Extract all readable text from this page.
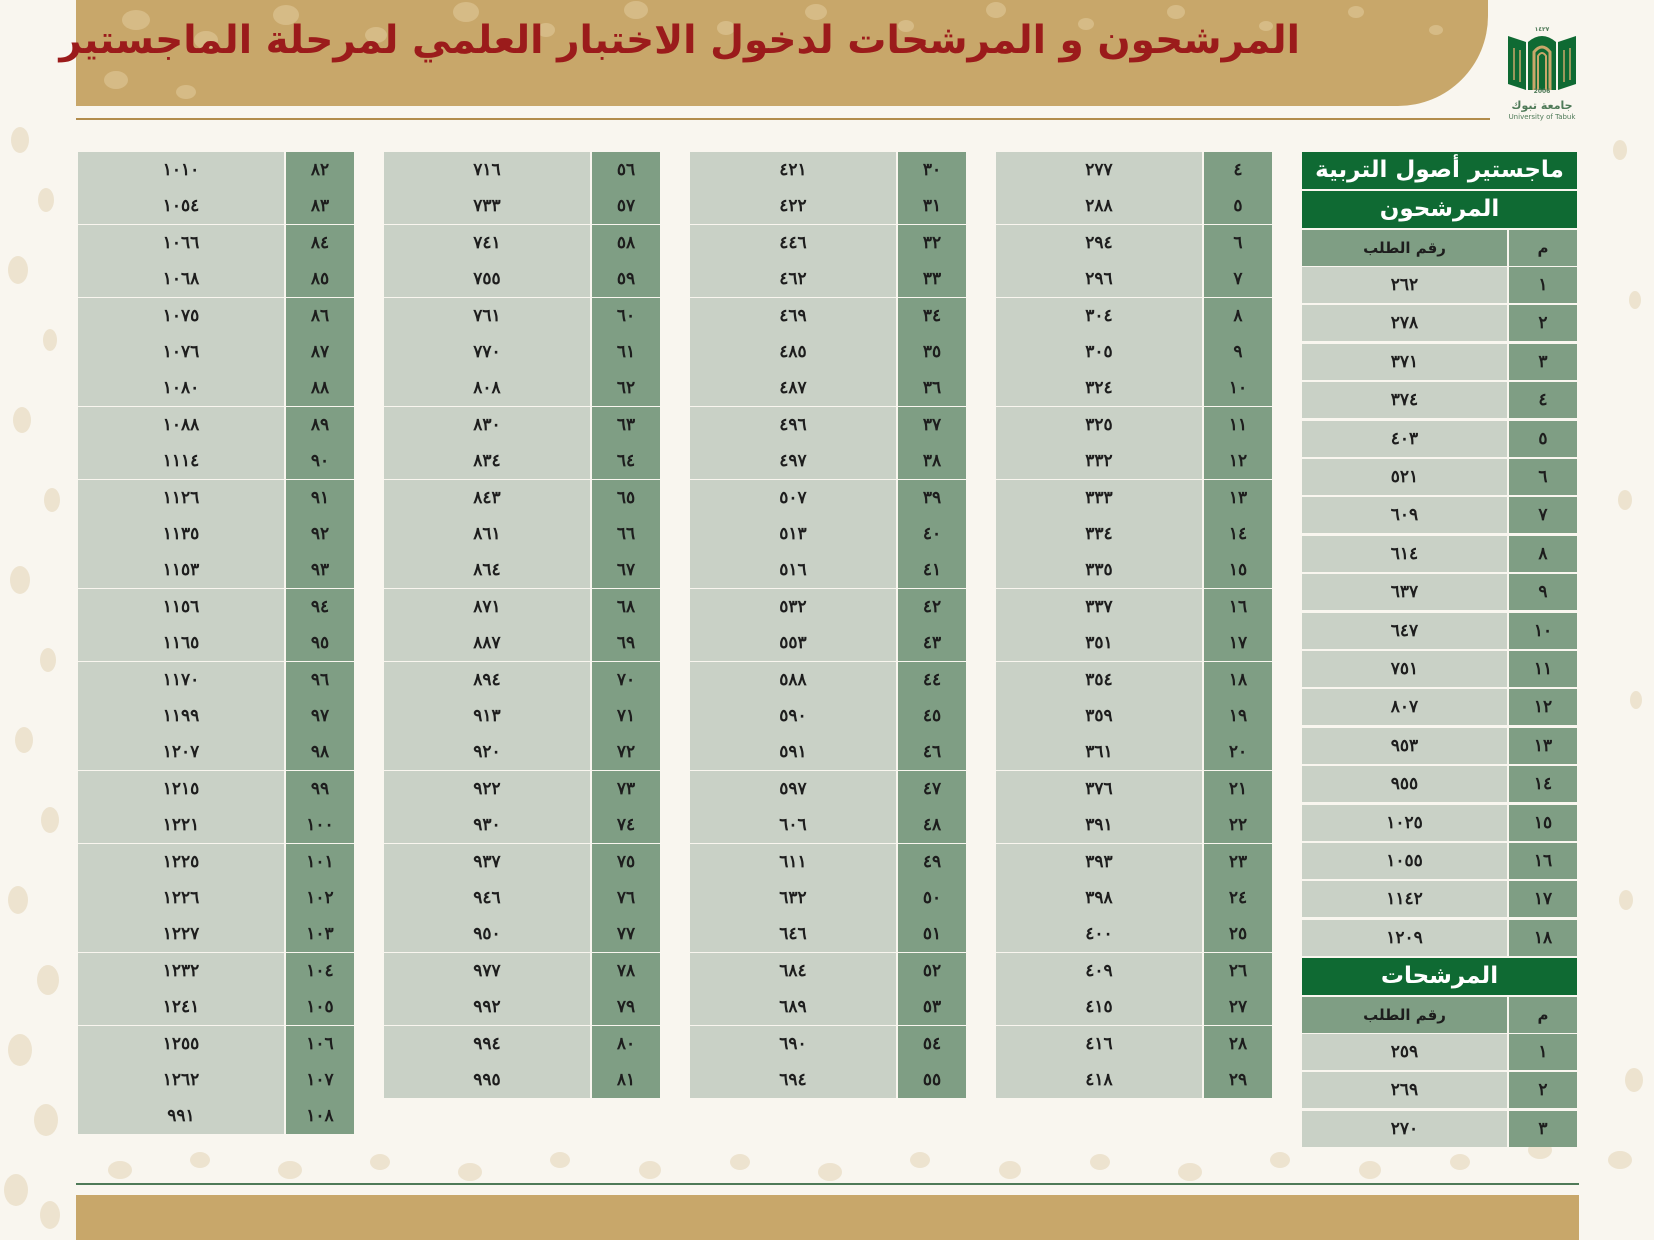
المرشحون و المرشحات لدخول الاختبار العلمي لمرحلة الماجستير	١٤٢٧
2006
جامعة تبوك
University of Tabuk
٢٧٧	٤
٢٨٨	٥
٢٩٤	٦
٢٩٦	٧
٣٠٤	٨
٣٠٥	٩
٣٢٤	١٠
٣٢٥	١١
٣٣٢	١٢
٣٣٣	١٣
٣٣٤	١٤
٣٣٥	١٥
٣٣٧	١٦
٣٥١	١٧
٣٥٤	١٨
٣٥٩	١٩
٣٦١	٢٠
٣٧٦	٢١
٣٩١	٢٢
٣٩٣	٢٣
٣٩٨	٢٤
٤٠٠	٢٥
٤٠٩	٢٦
٤١٥	٢٧
٤١٦	٢٨
٤١٨	٢٩
٤٢١	٣٠
٤٢٢	٣١
٤٤٦	٣٢
٤٦٢	٣٣
٤٦٩	٣٤
٤٨٥	٣٥
٤٨٧	٣٦
٤٩٦	٣٧
٤٩٧	٣٨
٥٠٧	٣٩
٥١٣	٤٠
٥١٦	٤١
٥٣٢	٤٢
٥٥٣	٤٣
٥٨٨	٤٤
٥٩٠	٤٥
٥٩١	٤٦
٥٩٧	٤٧
٦٠٦	٤٨
٦١١	٤٩
٦٣٢	٥٠
٦٤٦	٥١
٦٨٤	٥٢
٦٨٩	٥٣
٦٩٠	٥٤
٦٩٤	٥٥
٧١٦	٥٦
٧٣٣	٥٧
٧٤١	٥٨
٧٥٥	٥٩
٧٦١	٦٠
٧٧٠	٦١
٨٠٨	٦٢
٨٣٠	٦٣
٨٣٤	٦٤
٨٤٣	٦٥
٨٦١	٦٦
٨٦٤	٦٧
٨٧١	٦٨
٨٨٧	٦٩
٨٩٤	٧٠
٩١٣	٧١
٩٢٠	٧٢
٩٢٢	٧٣
٩٣٠	٧٤
٩٣٧	٧٥
٩٤٦	٧٦
٩٥٠	٧٧
٩٧٧	٧٨
٩٩٢	٧٩
٩٩٤	٨٠
٩٩٥	٨١
١٠١٠	٨٢
١٠٥٤	٨٣
١٠٦٦	٨٤
١٠٦٨	٨٥
١٠٧٥	٨٦
١٠٧٦	٨٧
١٠٨٠	٨٨
١٠٨٨	٨٩
١١١٤	٩٠
١١٢٦	٩١
١١٣٥	٩٢
١١٥٣	٩٣
١١٥٦	٩٤
١١٦٥	٩٥
١١٧٠	٩٦
١١٩٩	٩٧
١٢٠٧	٩٨
١٢١٥	٩٩
١٢٢١	١٠٠
١٢٢٥	١٠١
١٢٢٦	١٠٢
١٢٢٧	١٠٣
١٢٣٢	١٠٤
١٢٤١	١٠٥
١٢٥٥	١٠٦
١٢٦٢	١٠٧
٩٩١	١٠٨
ماجستير أصول التربية
المرشحون
رقم الطلب	م
٢٦٢	١
٢٧٨	٢
٣٧١	٣
٣٧٤	٤
٤٠٣	٥
٥٢١	٦
٦٠٩	٧
٦١٤	٨
٦٣٧	٩
٦٤٧	١٠
٧٥١	١١
٨٠٧	١٢
٩٥٣	١٣
٩٥٥	١٤
١٠٢٥	١٥
١٠٥٥	١٦
١١٤٢	١٧
١٢٠٩	١٨
المرشحات
رقم الطلب	م
٢٥٩	١
٢٦٩	٢
٢٧٠	٣
